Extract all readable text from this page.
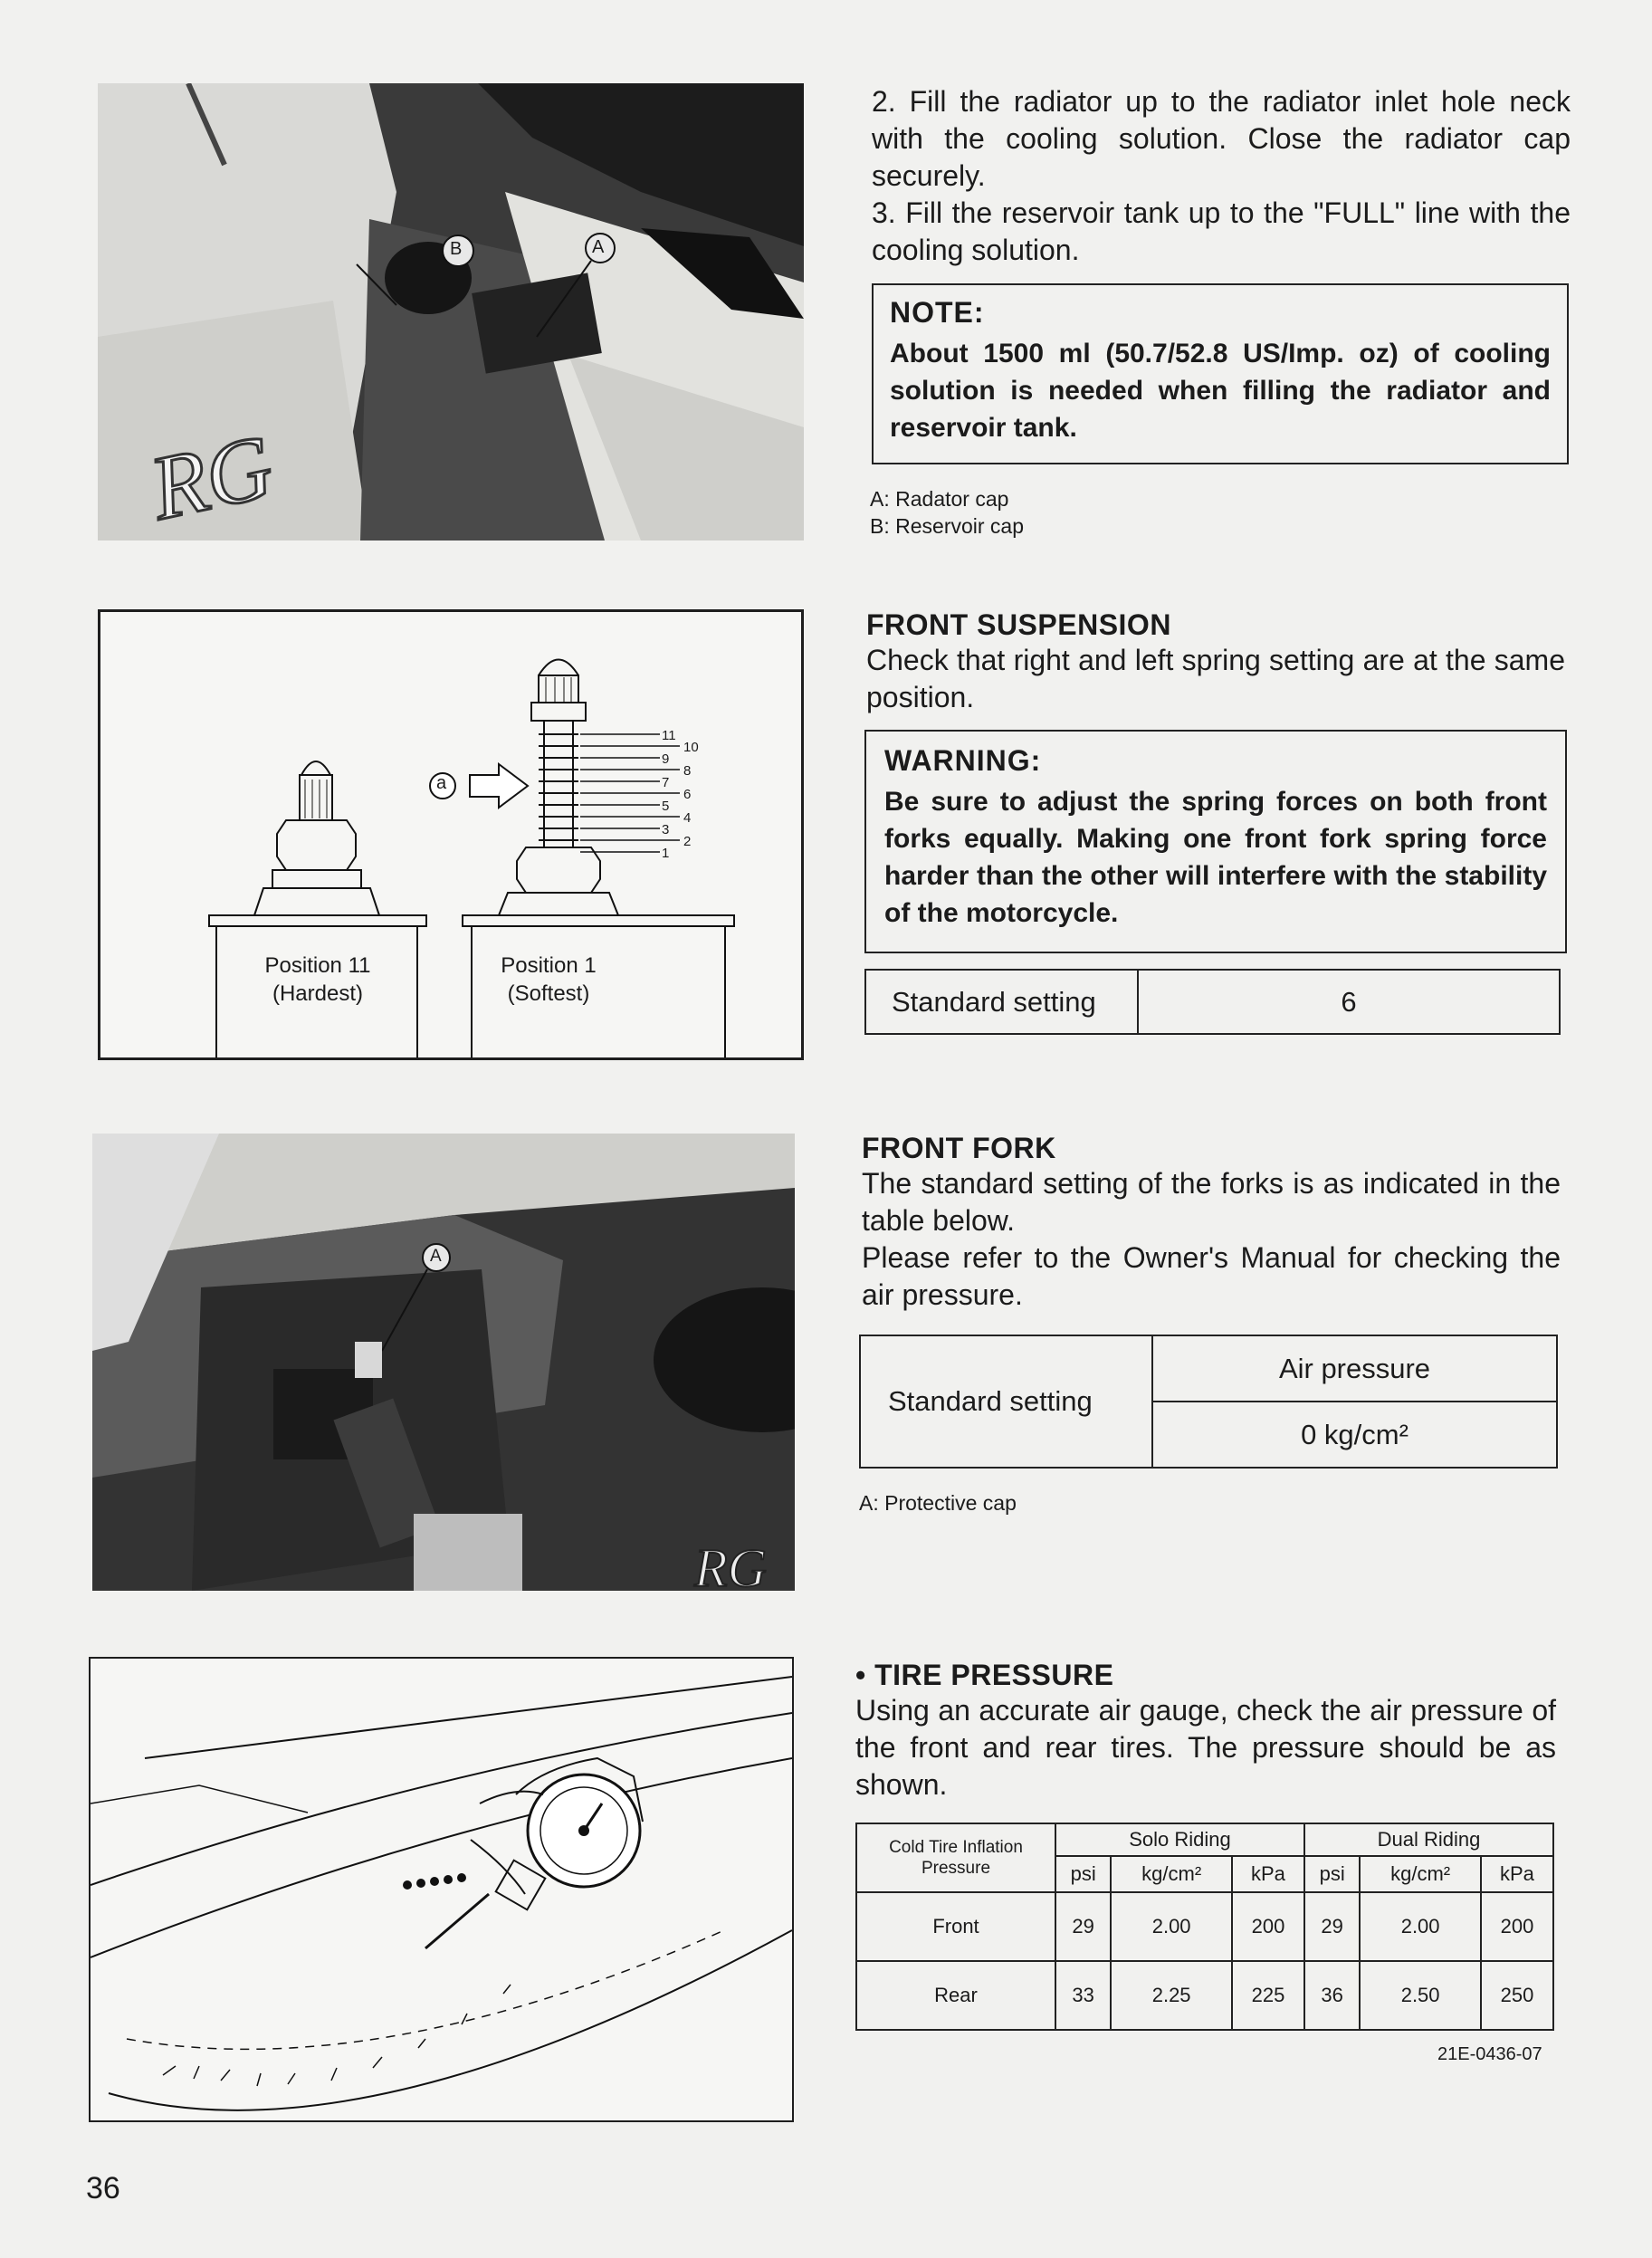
RG
B	A
a
11
9
7
5
3
1
10
8
6
4
2
Position 11
(Hardest)
Position 1
(Softest)
RG
A
36

2. Fill the radiator up to the radiator inlet hole neck with the cooling solution. Close the radiator cap securely.

3. Fill the reservoir tank up to the "FULL" line with the cooling solution.

NOTE:

About 1500 ml (50.7/52.8 US/Imp. oz) of cooling solution is needed when filling the radiator and reservoir tank.

A: Radator cap

B: Reservoir cap

FRONT SUSPENSION

Check that right and left spring setting are at the same position.

WARNING:

Be sure to adjust the spring forces on both front forks equally. Making one front fork spring force harder than the other will interfere with the stability of the motorcycle.

Standard setting	6

FRONT FORK

The standard setting of the forks is as indicated in the table below.

Please refer to the Owner's Manual for checking the air pressure.

Standard setting	Air pressure
0 kg/cm²

A: Protective cap

• TIRE PRESSURE

Using an accurate air gauge, check the air pressure of the front and rear tires. The pressure should be as shown.

Cold Tire Inflation Pressure	Solo Riding			Dual Riding		
	psi	kg/cm²	kPa	psi	kg/cm²	kPa
Front	29	2.00	200	29	2.00	200
Rear	33	2.25	225	36	2.50	250
21E-0436-07
